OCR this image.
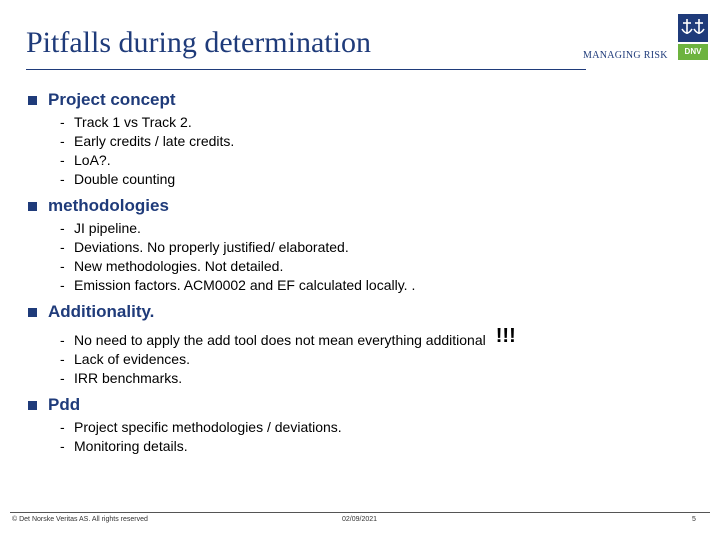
Pitfalls during determination	MANAGING RISK	DNV
Project concept
- Track 1 vs Track 2.
- Early credits / late credits.
- LoA?.
- Double counting
methodologies
- JI pipeline.
- Deviations. No properly justified/ elaborated.
- New methodologies. Not detailed.
- Emission factors. ACM0002 and EF calculated locally. .
Additionality.
- No need to apply the add tool does not mean everything additional !!!
- Lack of evidences.
- IRR benchmarks.
Pdd
- Project specific methodologies / deviations.
- Monitoring details.
© Det Norske Veritas AS. All rights reserved	02/09/2021	5
